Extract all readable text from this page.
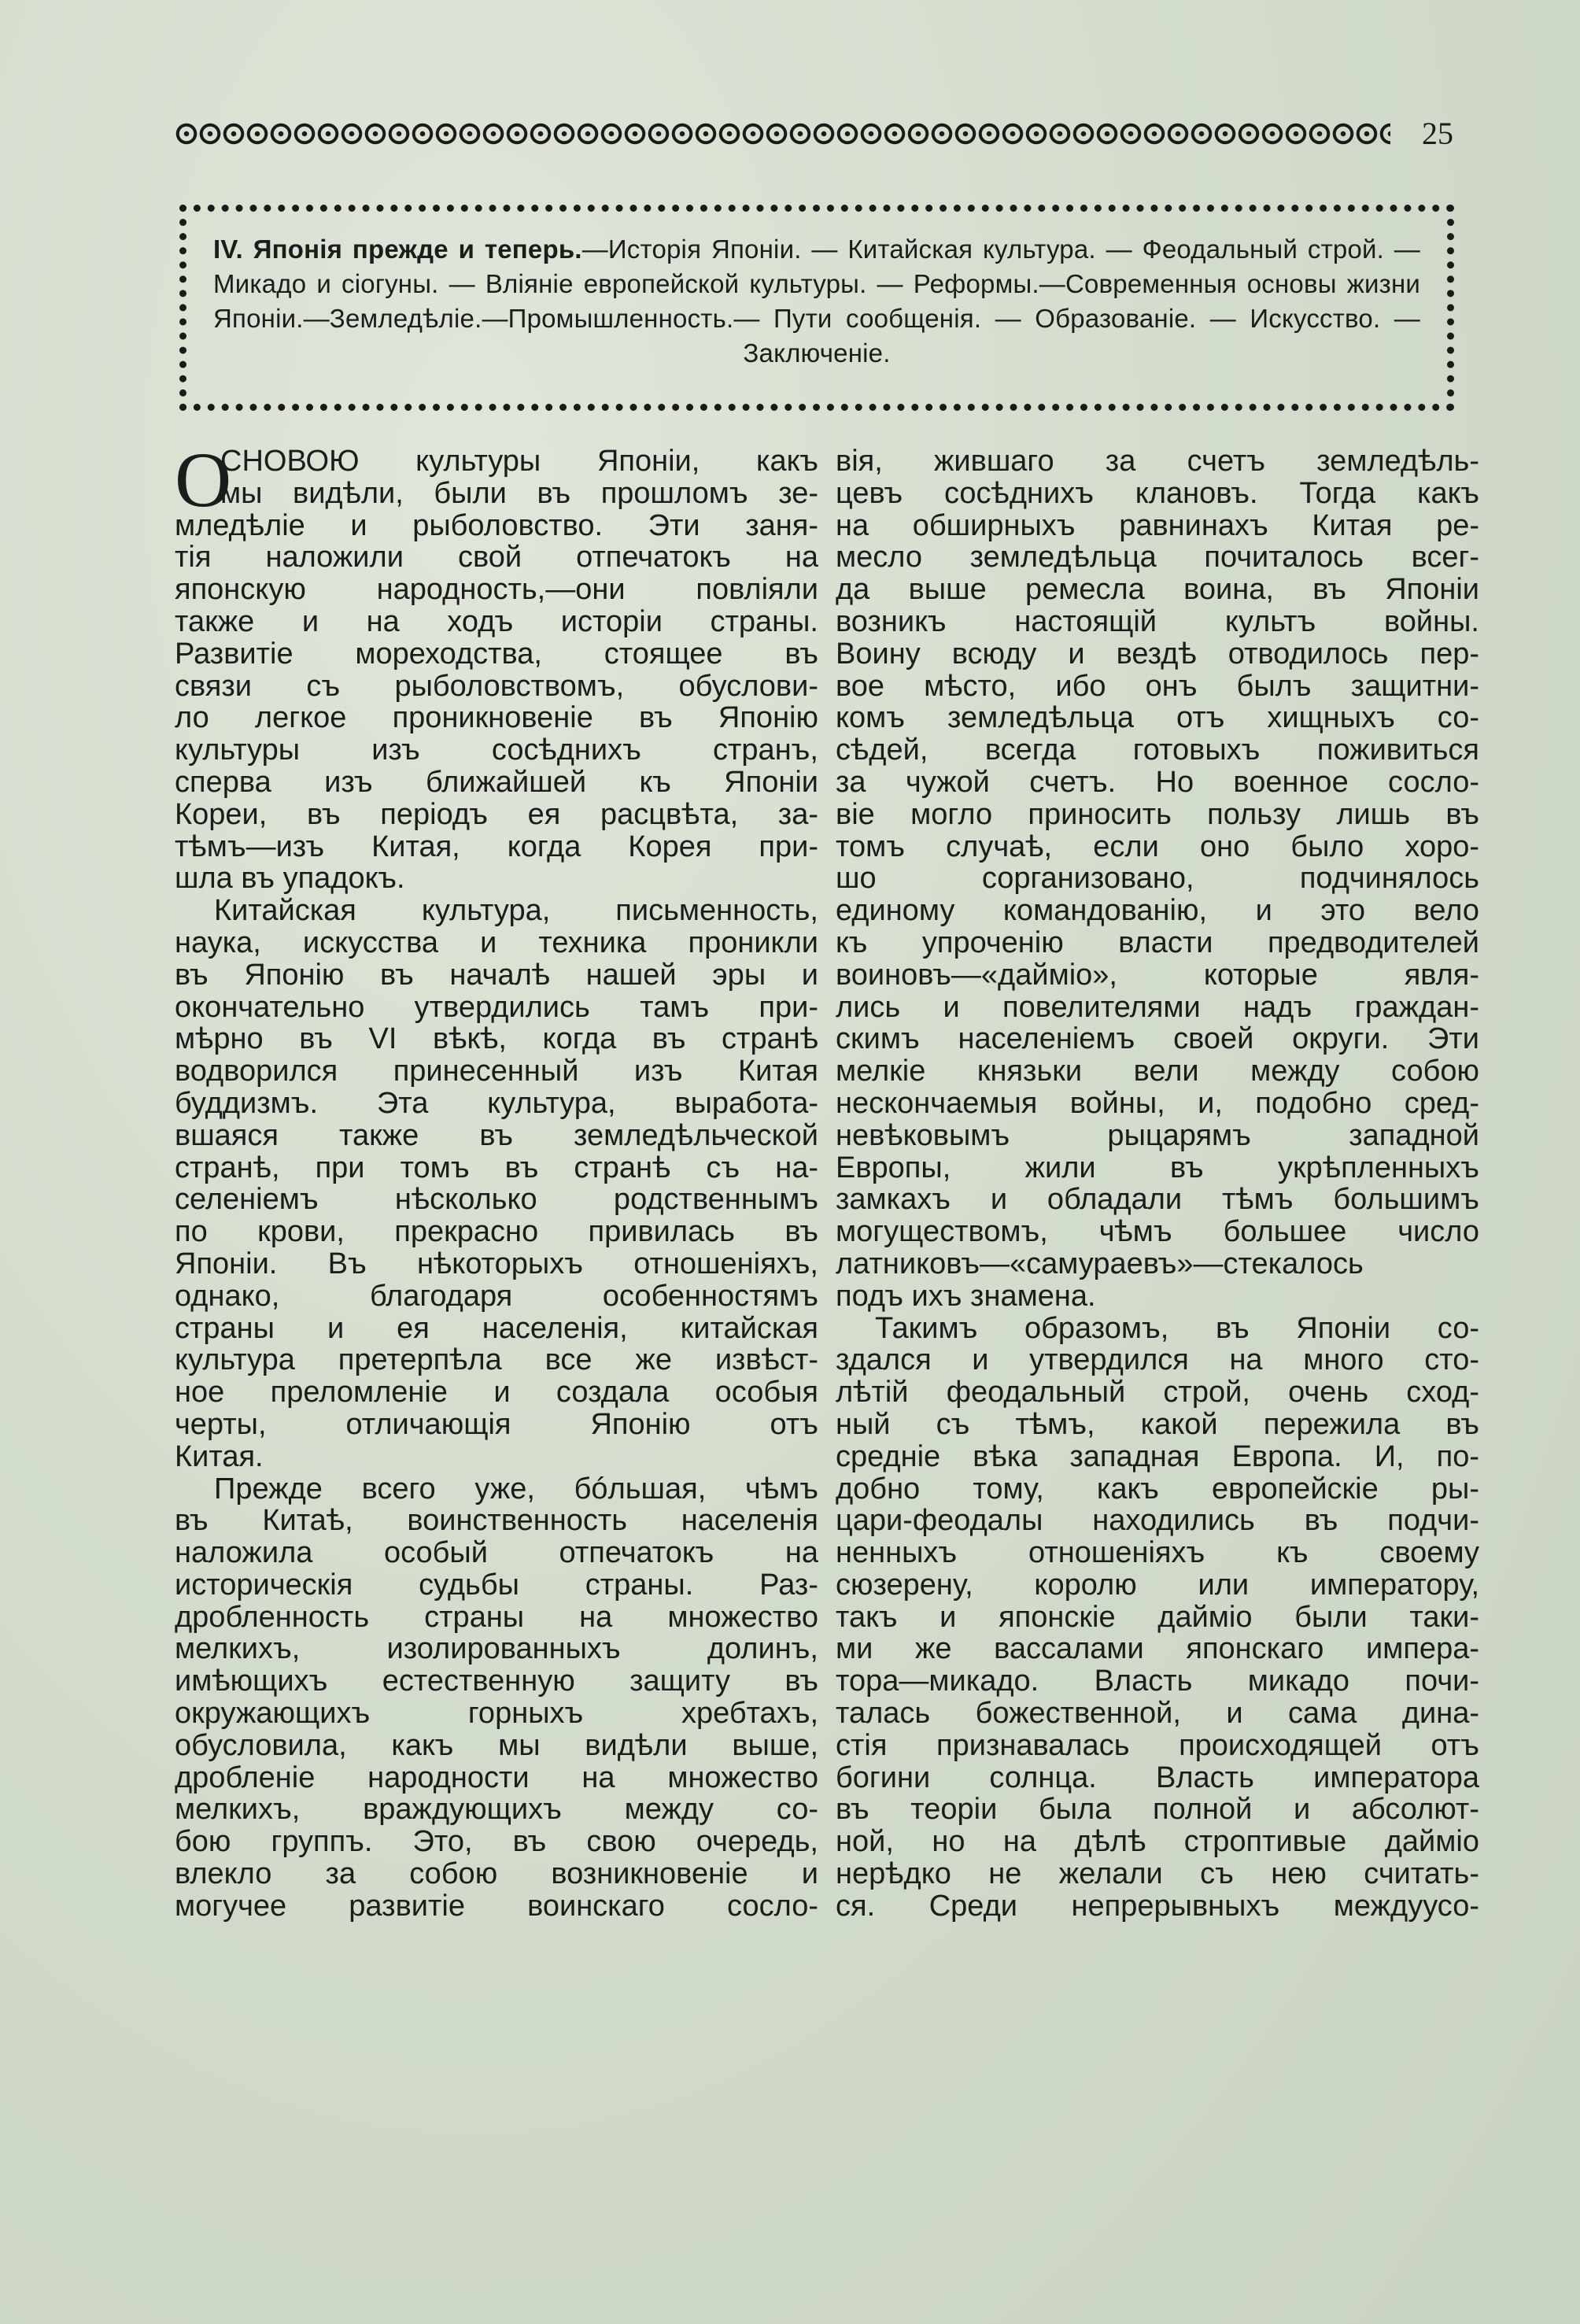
25
IV. Японія прежде и теперь.—Исторія Японіи. — Китайская культура. — Феодальный строй. — Микадо и сіогуны. — Вліяніе европейской культуры. — Реформы.—Современныя основы жизни Японіи.—Земледѣліе.—Промышленность.— Пути сообщенія. — Образованіе. — Искусство. — Заключеніе.
О
СНОВОЮ культуры Японіи, какъ
мы видѣли, были въ прошломъ зе-
мледѣліе и рыболовство. Эти заня-
тія наложили свой отпечатокъ на
японскую народность,—они повліяли
также и на ходъ исторіи страны.
Развитіе мореходства, стоящее въ
связи съ рыболовствомъ, обуслови-
ло легкое проникновеніе въ Японію
культуры изъ сосѣднихъ странъ,
сперва изъ ближайшей къ Японіи
Кореи, въ періодъ ея расцвѣта, за-
тѣмъ—изъ Китая, когда Корея при-
шла въ упадокъ.
Китайская культура, письменность,
наука, искусства и техника проникли
въ Японію въ началѣ нашей эры и
окончательно утвердились тамъ при-
мѣрно въ VI вѣкѣ, когда въ странѣ
водворился принесенный изъ Китая
буддизмъ. Эта культура, выработа-
вшаяся также въ земледѣльческой
странѣ, при томъ въ странѣ съ на-
селеніемъ нѣсколько родственнымъ
по крови, прекрасно привилась въ
Японіи. Въ нѣкоторыхъ отношеніяхъ,
однако, благодаря особенностямъ
страны и ея населенія, китайская
культура претерпѣла все же извѣст-
ное преломленіе и создала особыя
черты, отличающія Японію отъ
Китая.
Прежде всего уже, бóльшая, чѣмъ
въ Китаѣ, воинственность населенія
наложила особый отпечатокъ на
историческія судьбы страны. Раз-
дробленность страны на множество
мелкихъ, изолированныхъ долинъ,
имѣющихъ естественную защиту въ
окружающихъ горныхъ хребтахъ,
обусловила, какъ мы видѣли выше,
дробленіе народности на множество
мелкихъ, враждующихъ между со-
бою группъ. Это, въ свою очередь,
влекло за собою возникновеніе и
могучее развитіе воинскаго сосло-
вія, жившаго за счетъ земледѣль-
цевъ сосѣднихъ клановъ. Тогда какъ
на обширныхъ равнинахъ Китая ре-
месло земледѣльца почиталось всег-
да выше ремесла воина, въ Японіи
возникъ настоящій культъ войны.
Воину всюду и вездѣ отводилось пер-
вое мѣсто, ибо онъ былъ защитни-
комъ земледѣльца отъ хищныхъ со-
сѣдей, всегда готовыхъ поживиться
за чужой счетъ. Но военное сосло-
віе могло приносить пользу лишь въ
томъ случаѣ, если оно было хоро-
шо сорганизовано, подчинялось
единому командованію, и это вело
къ упроченію власти предводителей
воиновъ—«дайміо», которые явля-
лись и повелителями надъ граждан-
скимъ населеніемъ своей округи. Эти
мелкіе князьки вели между собою
нескончаемыя войны, и, подобно сред-
невѣковымъ рыцарямъ западной
Европы, жили въ укрѣпленныхъ
замкахъ и обладали тѣмъ большимъ
могуществомъ, чѣмъ большее число
латниковъ—«самураевъ»—стекалось
подъ ихъ знамена.
Такимъ образомъ, въ Японіи со-
здался и утвердился на много сто-
лѣтій феодальный строй, очень сход-
ный съ тѣмъ, какой пережила въ
средніе вѣка западная Европа. И, по-
добно тому, какъ европейскіе ры-
цари-феодалы находились въ подчи-
ненныхъ отношеніяхъ къ своему
сюзерену, королю или императору,
такъ и японскіе дайміо были таки-
ми же вассалами японскаго импера-
тора—микадо. Власть микадо почи-
талась божественной, и сама дина-
стія признавалась происходящей отъ
богини солнца. Власть императора
въ теоріи была полной и абсолют-
ной, но на дѣлѣ строптивые дайміо
нерѣдко не желали съ нею считать-
ся. Среди непрерывныхъ междуусо-
